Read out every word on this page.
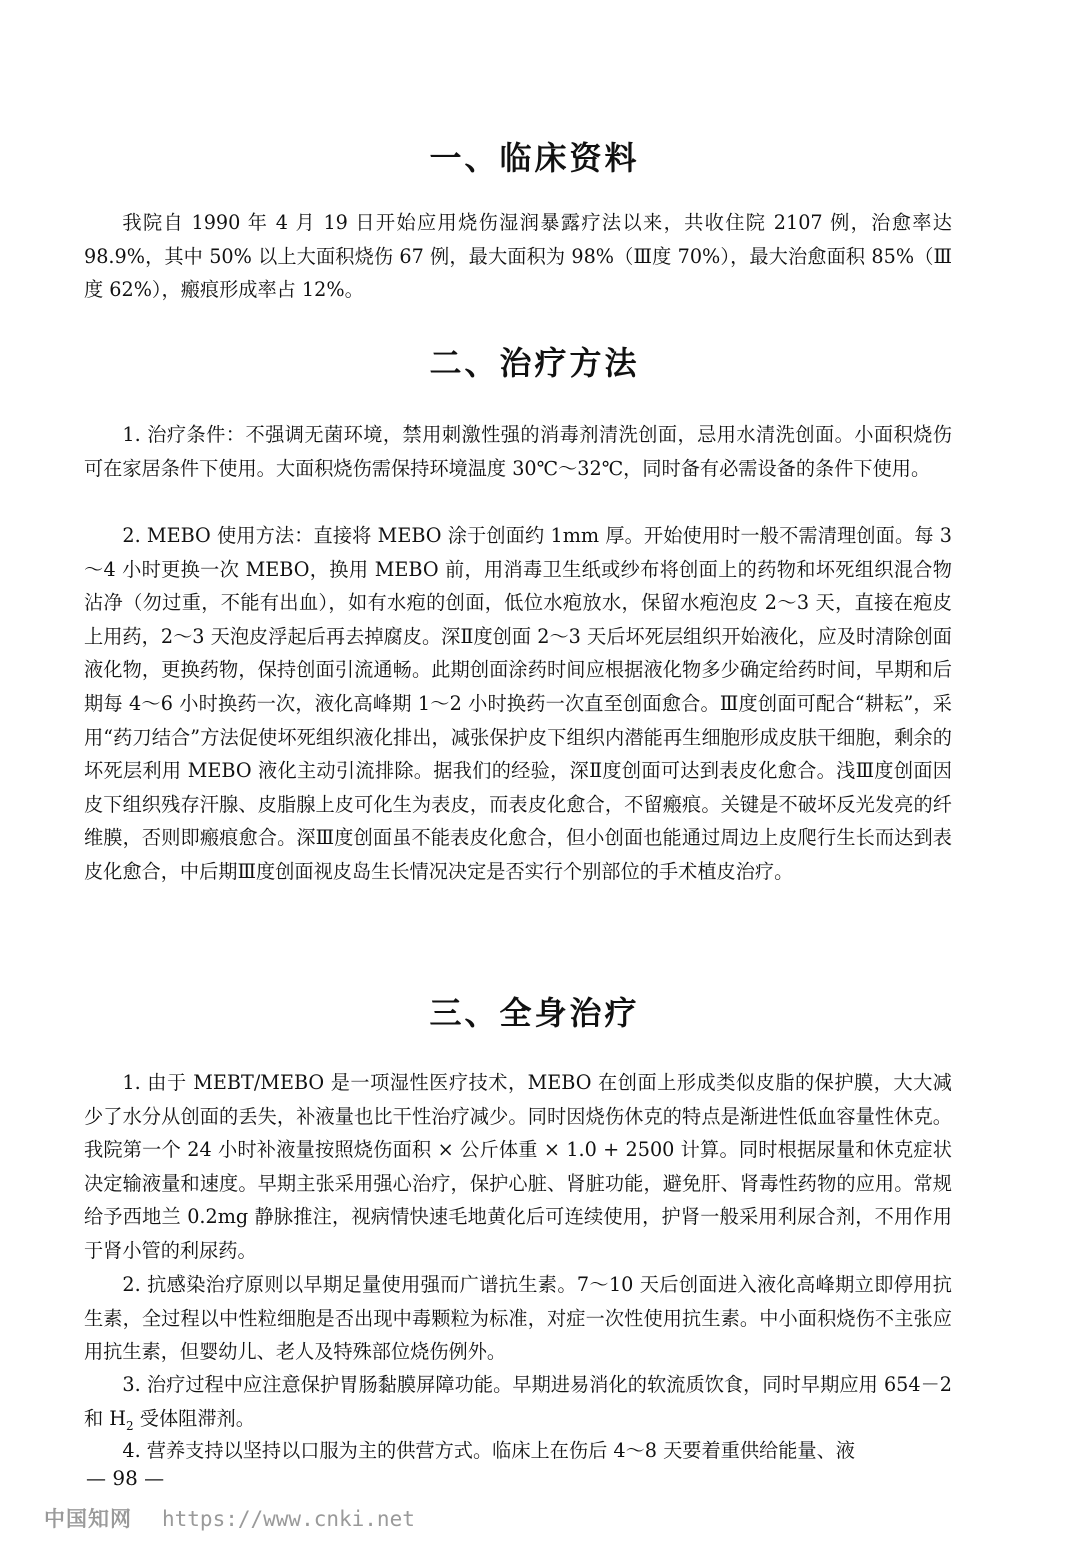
一、临床资料

我院自 1990 年 4 月 19 日开始应用烧伤湿润暴露疗法以来，共收住院 2107 例，治愈率达 98.9%，其中 50% 以上大面积烧伤 67 例，最大面积为 98%（Ⅲ度 70%），最大治愈面积 85%（Ⅲ度 62%），瘢痕形成率占 12%。

二、治疗方法

1. 治疗条件：不强调无菌环境，禁用刺激性强的消毒剂清洗创面，忌用水清洗创面。小面积烧伤可在家居条件下使用。大面积烧伤需保持环境温度 30℃～32℃，同时备有必需设备的条件下使用。

2. MEBO 使用方法：直接将 MEBO 涂于创面约 1mm 厚。开始使用时一般不需清理创面。每 3～4 小时更换一次 MEBO，换用 MEBO 前，用消毒卫生纸或纱布将创面上的药物和坏死组织混合物沾净（勿过重，不能有出血），如有水疱的创面，低位水疱放水，保留水疱泡皮 2～3 天，直接在疱皮上用药，2～3 天泡皮浮起后再去掉腐皮。深Ⅱ度创面 2～3 天后坏死层组织开始液化，应及时清除创面液化物，更换药物，保持创面引流通畅。此期创面涂药时间应根据液化物多少确定给药时间，早期和后期每 4～6 小时换药一次，液化高峰期 1～2 小时换药一次直至创面愈合。Ⅲ度创面可配合“耕耘”，采用“药刀结合”方法促使坏死组织液化排出，减张保护皮下组织内潜能再生细胞形成皮肤干细胞，剩余的坏死层利用 MEBO 液化主动引流排除。据我们的经验，深Ⅱ度创面可达到表皮化愈合。浅Ⅲ度创面因皮下组织残存汗腺、皮脂腺上皮可化生为表皮，而表皮化愈合，不留瘢痕。关键是不破坏反光发亮的纤维膜，否则即瘢痕愈合。深Ⅲ度创面虽不能表皮化愈合，但小创面也能通过周边上皮爬行生长而达到表皮化愈合，中后期Ⅲ度创面视皮岛生长情况决定是否实行个别部位的手术植皮治疗。

三、全身治疗

1. 由于 MEBT/MEBO 是一项湿性医疗技术，MEBO 在创面上形成类似皮脂的保护膜，大大减少了水分从创面的丢失，补液量也比干性治疗减少。同时因烧伤休克的特点是渐进性低血容量性休克。我院第一个 24 小时补液量按照烧伤面积 × 公斤体重 × 1.0 + 2500 计算。同时根据尿量和休克症状决定输液量和速度。早期主张采用强心治疗，保护心脏、肾脏功能，避免肝、肾毒性药物的应用。常规给予西地兰 0.2mg 静脉推注，视病情快速毛地黄化后可连续使用，护肾一般采用利尿合剂，不用作用于肾小管的利尿药。

2. 抗感染治疗原则以早期足量使用强而广谱抗生素。7～10 天后创面进入液化高峰期立即停用抗生素，全过程以中性粒细胞是否出现中毒颗粒为标准，对症一次性使用抗生素。中小面积烧伤不主张应用抗生素，但婴幼儿、老人及特殊部位烧伤例外。

3. 治疗过程中应注意保护胃肠黏膜屏障功能。早期进易消化的软流质饮食，同时早期应用 654－2 和 $H_2$ 受体阻滞剂。

4. 营养支持以坚持以口服为主的供营方式。临床上在伤后 4～8 天要着重供给能量、液

— 98 —
中国知网 https://www.cnki.net
